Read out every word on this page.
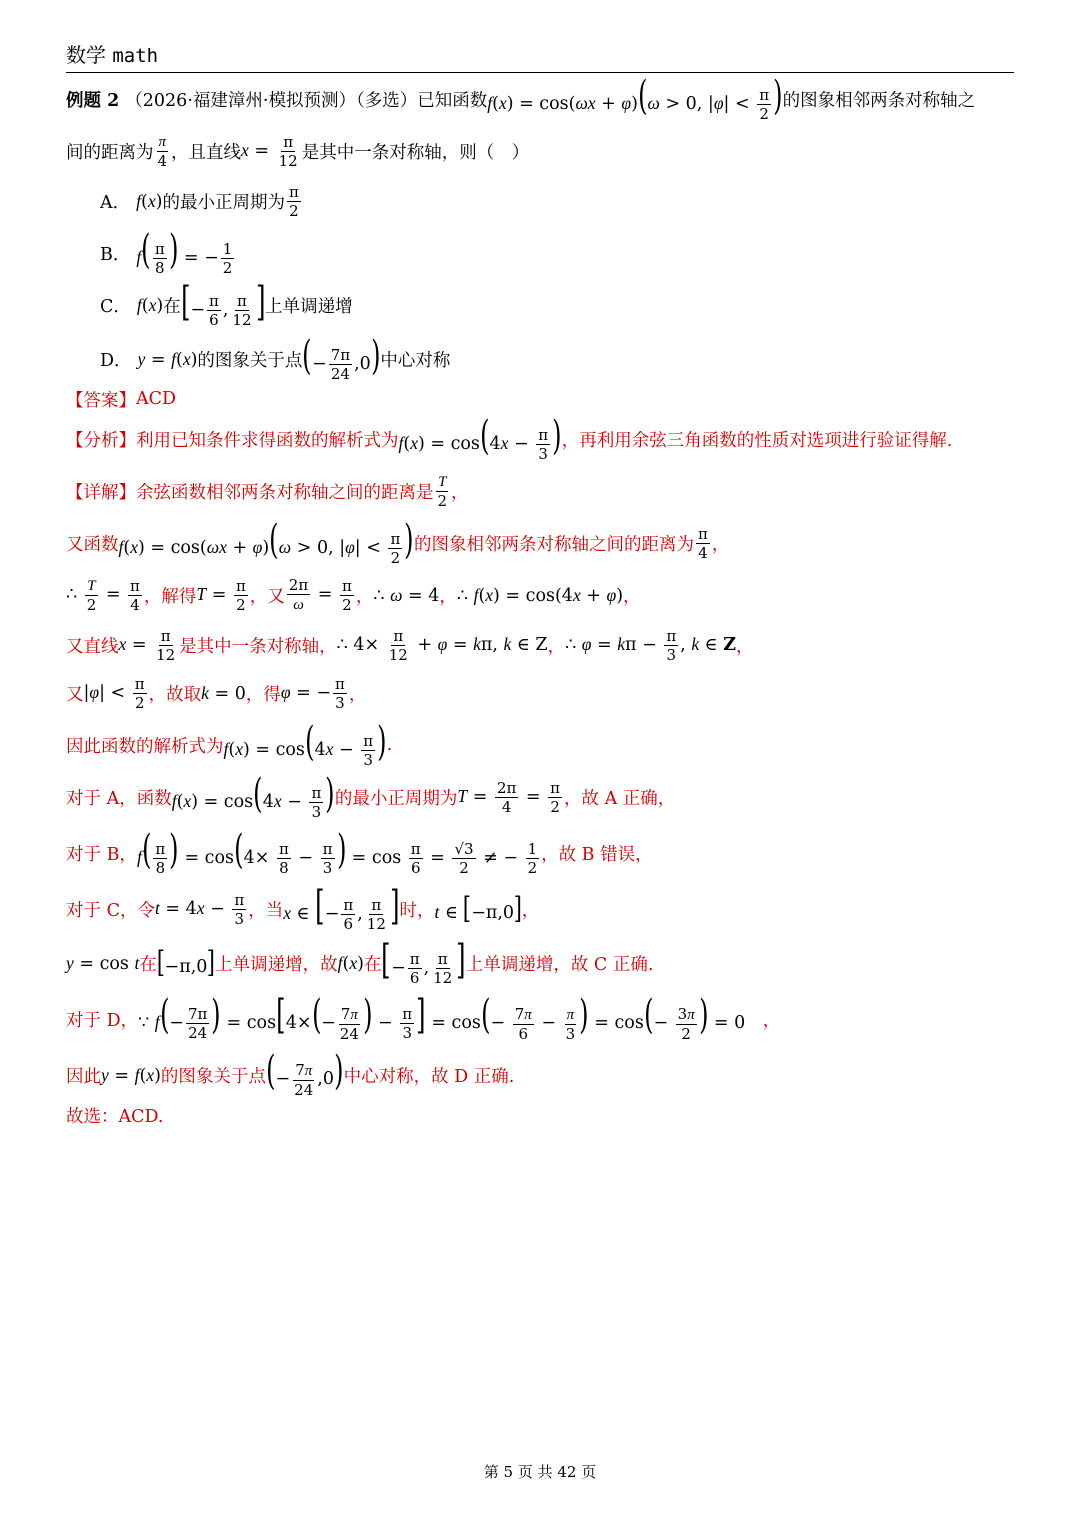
数学 math
例题 2 （2026·福建漳州·模拟预测）（多选）已知函数 f(x) = cos(ωx + φ)(ω > 0, $|\varphi| < \frac{\pi}{2}$ ) 的图象相邻两条对称轴之
间的距离为 $\frac{\pi}{4}$ ，且直线 $x = \frac{\pi}{12}$ 是其中一条对称轴，则（　）
A． f(x) 的最小正周期为 $\frac{\pi}{2}$
B． $f( \frac{\pi}{8}$ ) = − $\frac{1}{2}$
C． f(x) 在 [− $\frac{\pi}{6}$ , $\frac{\pi}{12}$ ] 上单调递增
D． y = f(x) 的图象关于点 (− $\frac{7\pi}{24} ,0$) 中心对称
【答案】 ACD
【分析】 利用已知条件求得函数的解析式为 $f(x) = \cos(4x - \frac{\pi}{3}$ ) ，再利用余弦三角函数的性质对选项进行验证得解.
【详解】 余弦函数相邻两条对称轴之间的距离是 $\frac{T}{2}$ ，
又函数 f(x) = cos(ωx + φ)(ω > 0, $|\varphi| < \frac{\pi}{2}$ ) 的图象相邻两条对称轴之间的距离为 $\frac{\pi}{4}$ ，
∴ $\frac{T}{2} = \frac{\pi}{4}$ ，解得 $T = \frac{\pi}{2}$ ，又 $\frac{2\pi}{\omega} = \frac{\pi}{2}$ ， ∴ ω = 4 ， ∴ f(x) = cos(4x + φ) ，
又直线 $x = \frac{\pi}{12}$ 是其中一条对称轴， ∴ $4\times \frac{\pi}{12} + \varphi = k\pi$, k ∈ Z ， ∴ $\varphi = k\pi - \frac{\pi}{3}$ , k ∈ Z ，
又 $|\varphi| < \frac{\pi}{2}$ ，故取 k = 0 ，得 φ = − $\frac{\pi}{3}$ ，
因此函数的解析式为 $f(x) = \cos(4x - \frac{\pi}{3}$ ) .
对于 A，函数 $f(x) = \cos(4x - \frac{\pi}{3}$ ) 的最小正周期为 $T = \frac{2\pi}{4} = \frac{\pi}{2}$ ，故 A 正确，
对于 B， $f( \frac{\pi}{8}$ ) = $\cos(4\times \frac{\pi}{8} - \frac{\pi}{3}$ ) = $\cos \frac{\pi}{6} = \frac{√3}{2}$ ≠ − $\frac{1}{2}$ ，故 B 错误，
对于 C，令 $t = 4x - \frac{\pi}{3}$ ，当 x ∈ [− $\frac{\pi}{6}$ , $\frac{\pi}{12}$ ] 时， t ∈ [−π,0] ，
y = cos t 在 [−π,0] 上单调递增，故 f(x) 在 [− $\frac{\pi}{6}$ , $\frac{\pi}{12}$ ] 上单调递增，故 C 正确.
对于 D， ∵ $f(- \frac{7\pi}{24}$ ) = $\cos[4\times(- \frac{7\pi}{24}$ ) − $\frac{\pi}{3}$ ] = $\cos(- \frac{7\pi}{6} - \frac{\pi}{3}$ ) = $\cos(- \frac{3\pi}{2}$ ) = 0 　，
因此 y = f(x) 的图象关于点 (− $\frac{7\pi}{24} ,0$) 中心对称，故 D 正确.
故选：ACD.
第 5 页 共 42 页
